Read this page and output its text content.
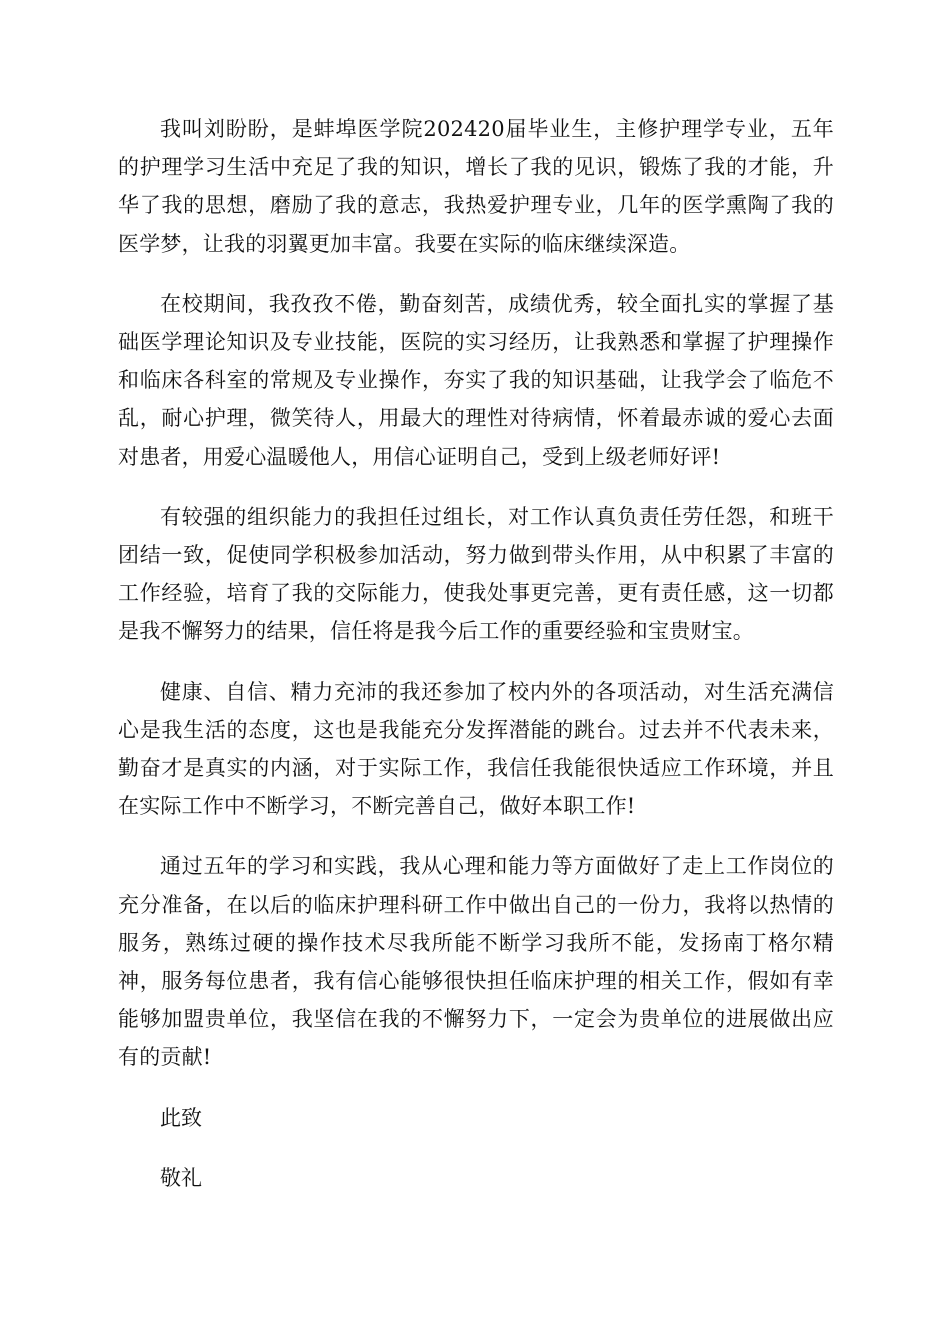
我叫刘盼盼，是蚌埠医学院202420届毕业生，主修护理学专业，五年的护理学习生活中充足了我的知识，增长了我的见识，锻炼了我的才能，升华了我的思想，磨励了我的意志，我热爱护理专业，几年的医学熏陶了我的医学梦，让我的羽翼更加丰富。我要在实际的临床继续深造。

在校期间，我孜孜不倦，勤奋刻苦，成绩优秀，较全面扎实的掌握了基础医学理论知识及专业技能，医院的实习经历，让我熟悉和掌握了护理操作和临床各科室的常规及专业操作，夯实了我的知识基础，让我学会了临危不乱，耐心护理，微笑待人，用最大的理性对待病情，怀着最赤诚的爱心去面对患者，用爱心温暖他人，用信心证明自己，受到上级老师好评!

有较强的组织能力的我担任过组长，对工作认真负责任劳任怨，和班干团结一致，促使同学积极参加活动，努力做到带头作用，从中积累了丰富的工作经验，培育了我的交际能力，使我处事更完善，更有责任感，这一切都是我不懈努力的结果，信任将是我今后工作的重要经验和宝贵财宝。

健康、自信、精力充沛的我还参加了校内外的各项活动，对生活充满信心是我生活的态度，这也是我能充分发挥潜能的跳台。过去并不代表未来，勤奋才是真实的内涵，对于实际工作，我信任我能很快适应工作环境，并且在实际工作中不断学习，不断完善自己，做好本职工作!

通过五年的学习和实践，我从心理和能力等方面做好了走上工作岗位的充分准备，在以后的临床护理科研工作中做出自己的一份力，我将以热情的服务，熟练过硬的操作技术尽我所能不断学习我所不能，发扬南丁格尔精神，服务每位患者，我有信心能够很快担任临床护理的相关工作，假如有幸能够加盟贵单位，我坚信在我的不懈努力下，一定会为贵单位的进展做出应有的贡献!

此致

敬礼
